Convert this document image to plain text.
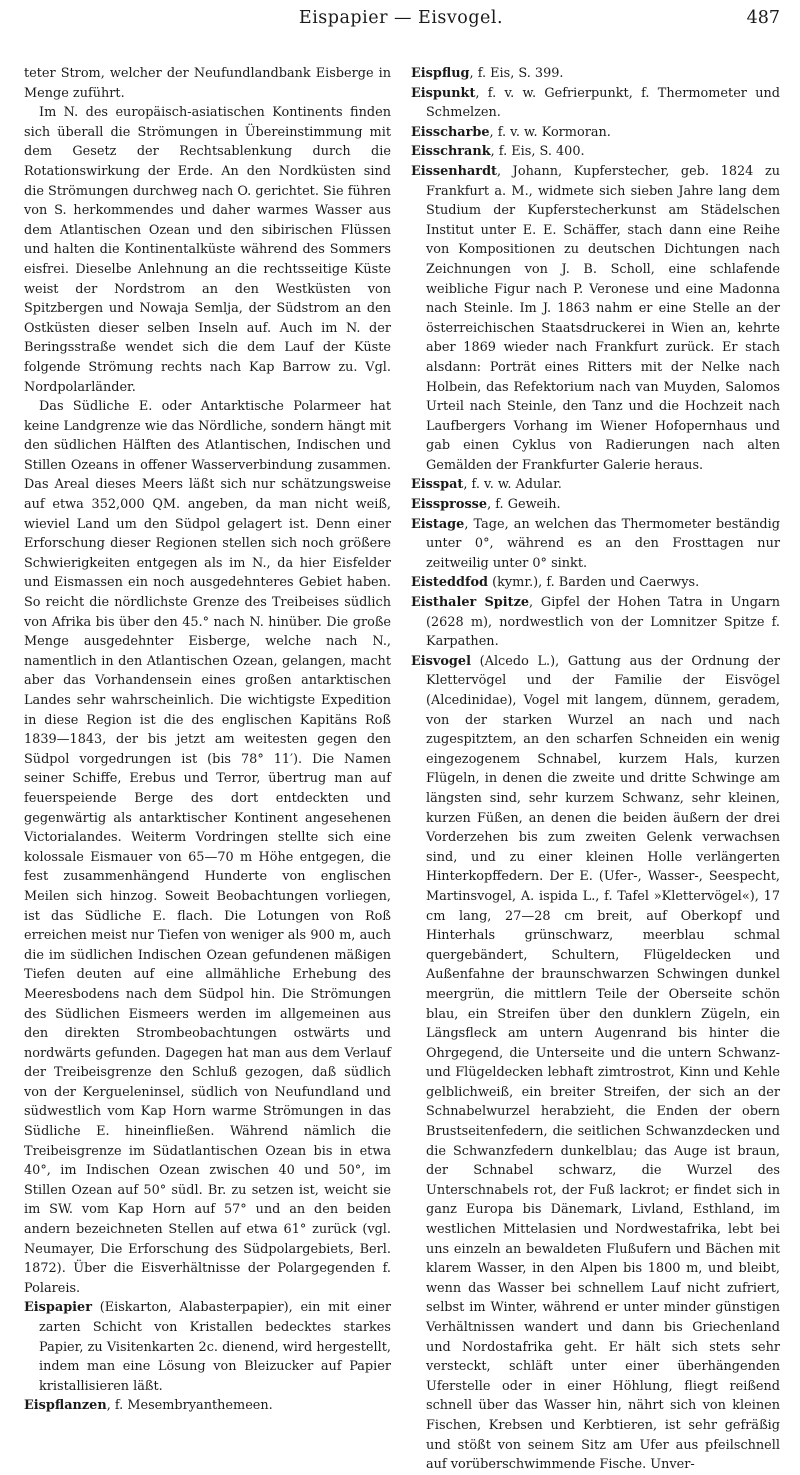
Eispapier — Eisvogel.	487

teter Strom, welcher der Neufundlandbank Eisberge in Menge zuführt.

Im N. des europäisch-asiatischen Kontinents finden sich überall die Strömungen in Übereinstimmung mit dem Gesetz der Rechtsablenkung durch die Rotationswirkung der Erde. An den Nordküsten sind die Strömungen durchweg nach O. gerichtet. Sie führen von S. herkommendes und daher warmes Wasser aus dem Atlantischen Ozean und den sibirischen Flüssen und halten die Kontinentalküste während des Sommers eisfrei. Dieselbe Anlehnung an die rechtsseitige Küste weist der Nordstrom an den Westküsten von Spitzbergen und Nowaja Semlja, der Südstrom an den Ostküsten dieser selben Inseln auf. Auch im N. der Beringsstraße wendet sich die dem Lauf der Küste folgende Strömung rechts nach Kap Barrow zu. Vgl. Nordpolarländer.

Das Südliche E. oder Antarktische Polarmeer hat keine Landgrenze wie das Nördliche, sondern hängt mit den südlichen Hälften des Atlantischen, Indischen und Stillen Ozeans in offener Wasserverbindung zusammen. Das Areal dieses Meers läßt sich nur schätzungsweise auf etwa 352,000 QM. angeben, da man nicht weiß, wieviel Land um den Südpol gelagert ist. Denn einer Erforschung dieser Regionen stellen sich noch größere Schwierigkeiten entgegen als im N., da hier Eisfelder und Eismassen ein noch ausgedehnteres Gebiet haben. So reicht die nördlichste Grenze des Treibeises südlich von Afrika bis über den 45.° nach N. hinüber. Die große Menge ausgedehnter Eisberge, welche nach N., namentlich in den Atlantischen Ozean, gelangen, macht aber das Vorhandensein eines großen antarktischen Landes sehr wahrscheinlich. Die wichtigste Expedition in diese Region ist die des englischen Kapitäns Roß 1839—1843, der bis jetzt am weitesten gegen den Südpol vorgedrungen ist (bis 78° 11′). Die Namen seiner Schiffe, Erebus und Terror, übertrug man auf feuerspeiende Berge des dort entdeckten und gegenwärtig als antarktischer Kontinent angesehenen Victorialandes. Weiterm Vordringen stellte sich eine kolossale Eismauer von 65—70 m Höhe entgegen, die fest zusammenhängend Hunderte von englischen Meilen sich hinzog. Soweit Beobachtungen vorliegen, ist das Südliche E. flach. Die Lotungen von Roß erreichen meist nur Tiefen von weniger als 900 m, auch die im südlichen Indischen Ozean gefundenen mäßigen Tiefen deuten auf eine allmähliche Erhebung des Meeresbodens nach dem Südpol hin. Die Strömungen des Südlichen Eismeers werden im allgemeinen aus den direkten Strombeobachtungen ostwärts und nordwärts gefunden. Dagegen hat man aus dem Verlauf der Treibeisgrenze den Schluß gezogen, daß südlich von der Kergueleninsel, südlich von Neufundland und südwestlich vom Kap Horn warme Strömungen in das Südliche E. hineinfließen. Während nämlich die Treibeisgrenze im Südatlantischen Ozean bis in etwa 40°, im Indischen Ozean zwischen 40 und 50°, im Stillen Ozean auf 50° südl. Br. zu setzen ist, weicht sie im SW. vom Kap Horn auf 57° und an den beiden andern bezeichneten Stellen auf etwa 61° zurück (vgl. Neumayer, Die Erforschung des Südpolargebiets, Berl. 1872). Über die Eisverhältnisse der Polargegenden f. Polareis.

Eispapier (Eiskarton, Alabasterpapier), ein mit einer zarten Schicht von Kristallen bedecktes starkes Papier, zu Visitenkarten 2c. dienend, wird hergestellt, indem man eine Lösung von Bleizucker auf Papier kristallisieren läßt.

Eispflanzen, f. Mesembryanthemeen.

Eispflug, f. Eis, S. 399.

Eispunkt, f. v. w. Gefrierpunkt, f. Thermometer und Schmelzen.

Eisscharbe, f. v. w. Kormoran.

Eisschrank, f. Eis, S. 400.

Eissenhardt, Johann, Kupferstecher, geb. 1824 zu Frankfurt a. M., widmete sich sieben Jahre lang dem Studium der Kupferstecherkunst am Städelschen Institut unter E. E. Schäffer, stach dann eine Reihe von Kompositionen zu deutschen Dichtungen nach Zeichnungen von J. B. Scholl, eine schlafende weibliche Figur nach P. Veronese und eine Madonna nach Steinle. Im J. 1863 nahm er eine Stelle an der österreichischen Staatsdruckerei in Wien an, kehrte aber 1869 wieder nach Frankfurt zurück. Er stach alsdann: Porträt eines Ritters mit der Nelke nach Holbein, das Refektorium nach van Muyden, Salomos Urteil nach Steinle, den Tanz und die Hochzeit nach Laufbergers Vorhang im Wiener Hofopernhaus und gab einen Cyklus von Radierungen nach alten Gemälden der Frankfurter Galerie heraus.

Eisspat, f. v. w. Adular.

Eissprosse, f. Geweih.

Eistage, Tage, an welchen das Thermometer beständig unter 0°, während es an den Frosttagen nur zeitweilig unter 0° sinkt.

Eisteddfod (kymr.), f. Barden und Caerwys.

Eisthaler Spitze, Gipfel der Hohen Tatra in Ungarn (2628 m), nordwestlich von der Lomnitzer Spitze f. Karpathen.

Eisvogel (Alcedo L.), Gattung aus der Ordnung der Klettervögel und der Familie der Eisvögel (Alcedinidae), Vogel mit langem, dünnem, geradem, von der starken Wurzel an nach und nach zugespitztem, an den scharfen Schneiden ein wenig eingezogenem Schnabel, kurzem Hals, kurzen Flügeln, in denen die zweite und dritte Schwinge am längsten sind, sehr kurzem Schwanz, sehr kleinen, kurzen Füßen, an denen die beiden äußern der drei Vorderzehen bis zum zweiten Gelenk verwachsen sind, und zu einer kleinen Holle verlängerten Hinterkopffedern. Der E. (Ufer-, Wasser-, Seespecht, Martinsvogel, A. ispida L., f. Tafel »Klettervögel«), 17 cm lang, 27—28 cm breit, auf Oberkopf und Hinterhals grünschwarz, meerblau schmal quergebändert, Schultern, Flügeldecken und Außenfahne der braunschwarzen Schwingen dunkel meergrün, die mittlern Teile der Oberseite schön blau, ein Streifen über den dunklern Zügeln, ein Längsfleck am untern Augenrand bis hinter die Ohrgegend, die Unterseite und die untern Schwanz- und Flügeldecken lebhaft zimtrostrot, Kinn und Kehle gelblichweiß, ein breiter Streifen, der sich an der Schnabelwurzel herabzieht, die Enden der obern Brustseitenfedern, die seitlichen Schwanzdecken und die Schwanzfedern dunkelblau; das Auge ist braun, der Schnabel schwarz, die Wurzel des Unterschnabels rot, der Fuß lackrot; er findet sich in ganz Europa bis Dänemark, Livland, Esthland, im westlichen Mittelasien und Nordwestafrika, lebt bei uns einzeln an bewaldeten Flußufern und Bächen mit klarem Wasser, in den Alpen bis 1800 m, und bleibt, wenn das Wasser bei schnellem Lauf nicht zufriert, selbst im Winter, während er unter minder günstigen Verhältnissen wandert und dann bis Griechenland und Nordostafrika geht. Er hält sich stets sehr versteckt, schläft unter einer überhängenden Uferstelle oder in einer Höhlung, fliegt reißend schnell über das Wasser hin, nährt sich von kleinen Fischen, Krebsen und Kerbtieren, ist sehr gefräßig und stößt von seinem Sitz am Ufer aus pfeilschnell auf vorüberschwimmende Fische. Unver-
